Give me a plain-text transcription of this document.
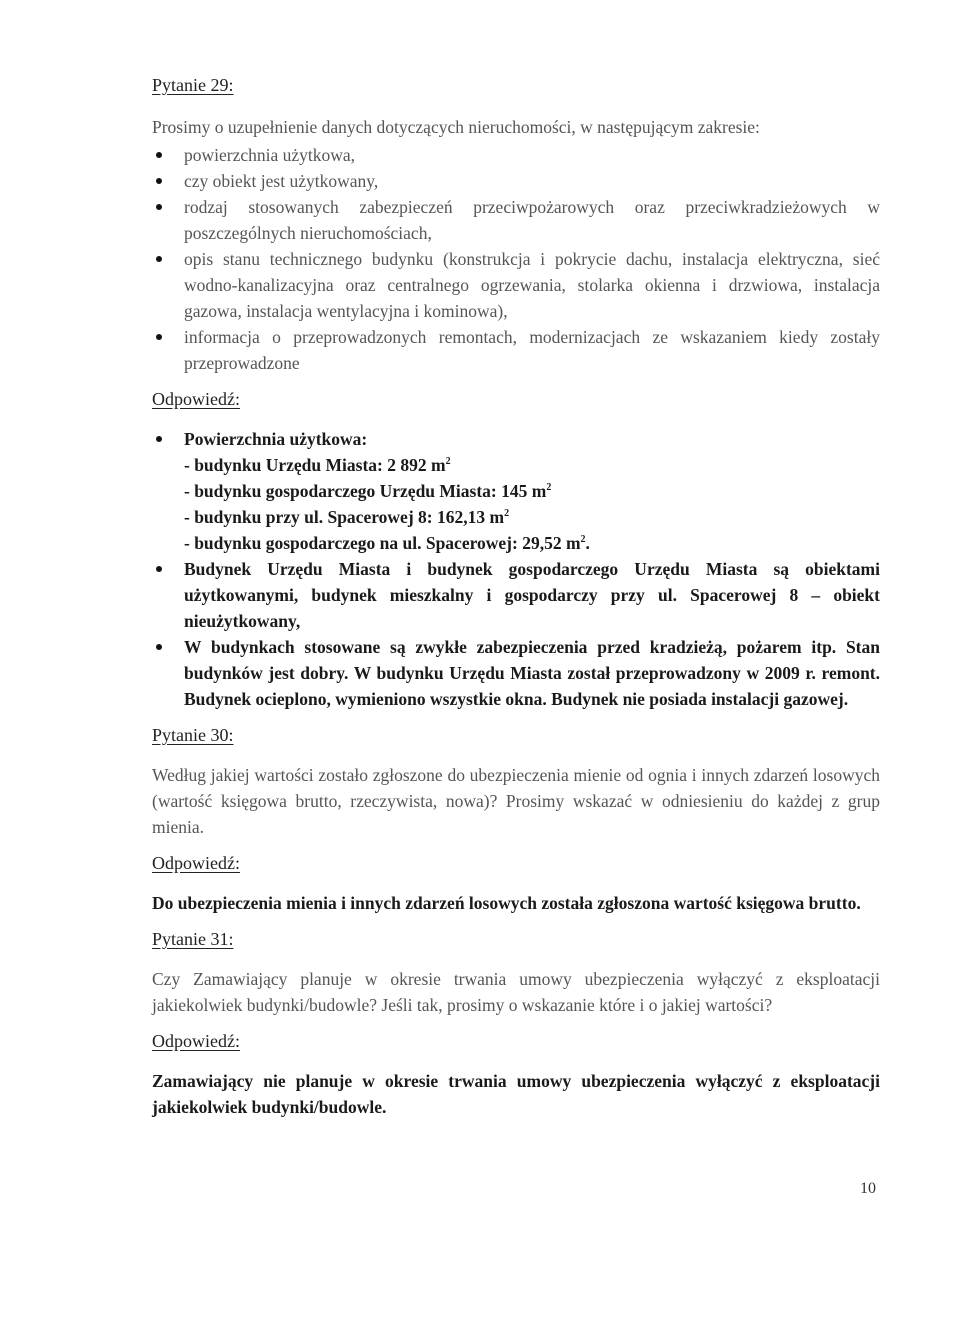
Pytanie 29:

Prosimy o uzupełnienie danych dotyczących nieruchomości, w następującym zakresie:

powierzchnia użytkowa,
czy obiekt jest użytkowany,
rodzaj stosowanych zabezpieczeń przeciwpożarowych oraz przeciwkradzieżowych w poszczególnych nieruchomościach,
opis stanu technicznego budynku (konstrukcja i pokrycie dachu, instalacja elektryczna, sieć wodno-kanalizacyjna oraz centralnego ogrzewania, stolarka okienna i drzwiowa, instalacja gazowa, instalacja wentylacyjna i kominowa),
informacja o przeprowadzonych remontach, modernizacjach ze wskazaniem kiedy zostały przeprowadzone

Odpowiedź:

Powierzchnia użytkowa:
- budynku Urzędu Miasta: 2 892 $m^2$
- budynku gospodarczego Urzędu Miasta: 145 $m^2$
- budynku przy ul. Spacerowej 8: 162,13 $m^2$
- budynku gospodarczego na ul. Spacerowej: 29,52 $m^2$.
Budynek Urzędu Miasta i budynek gospodarczego Urzędu Miasta są obiektami użytkowanymi, budynek mieszkalny i gospodarczy przy ul. Spacerowej 8 – obiekt nieużytkowany,
W budynkach stosowane są zwykłe zabezpieczenia przed kradzieżą, pożarem itp. Stan budynków jest dobry. W budynku Urzędu Miasta został przeprowadzony w 2009 r. remont. Budynek ocieplono, wymieniono wszystkie okna. Budynek nie posiada instalacji gazowej.

Pytanie 30:

Według jakiej wartości zostało zgłoszone do ubezpieczenia mienie od ognia i innych zdarzeń losowych (wartość księgowa brutto, rzeczywista, nowa)? Prosimy wskazać w odniesieniu do każdej z grup mienia.

Odpowiedź:

Do ubezpieczenia mienia i innych zdarzeń losowych została zgłoszona wartość księgowa brutto.

Pytanie 31:

Czy Zamawiający planuje w okresie trwania umowy ubezpieczenia wyłączyć z eksploatacji jakiekolwiek budynki/budowle? Jeśli tak, prosimy o wskazanie które i o jakiej wartości?

Odpowiedź:

Zamawiający nie planuje w okresie trwania umowy ubezpieczenia wyłączyć z eksploatacji jakiekolwiek budynki/budowle.

10
